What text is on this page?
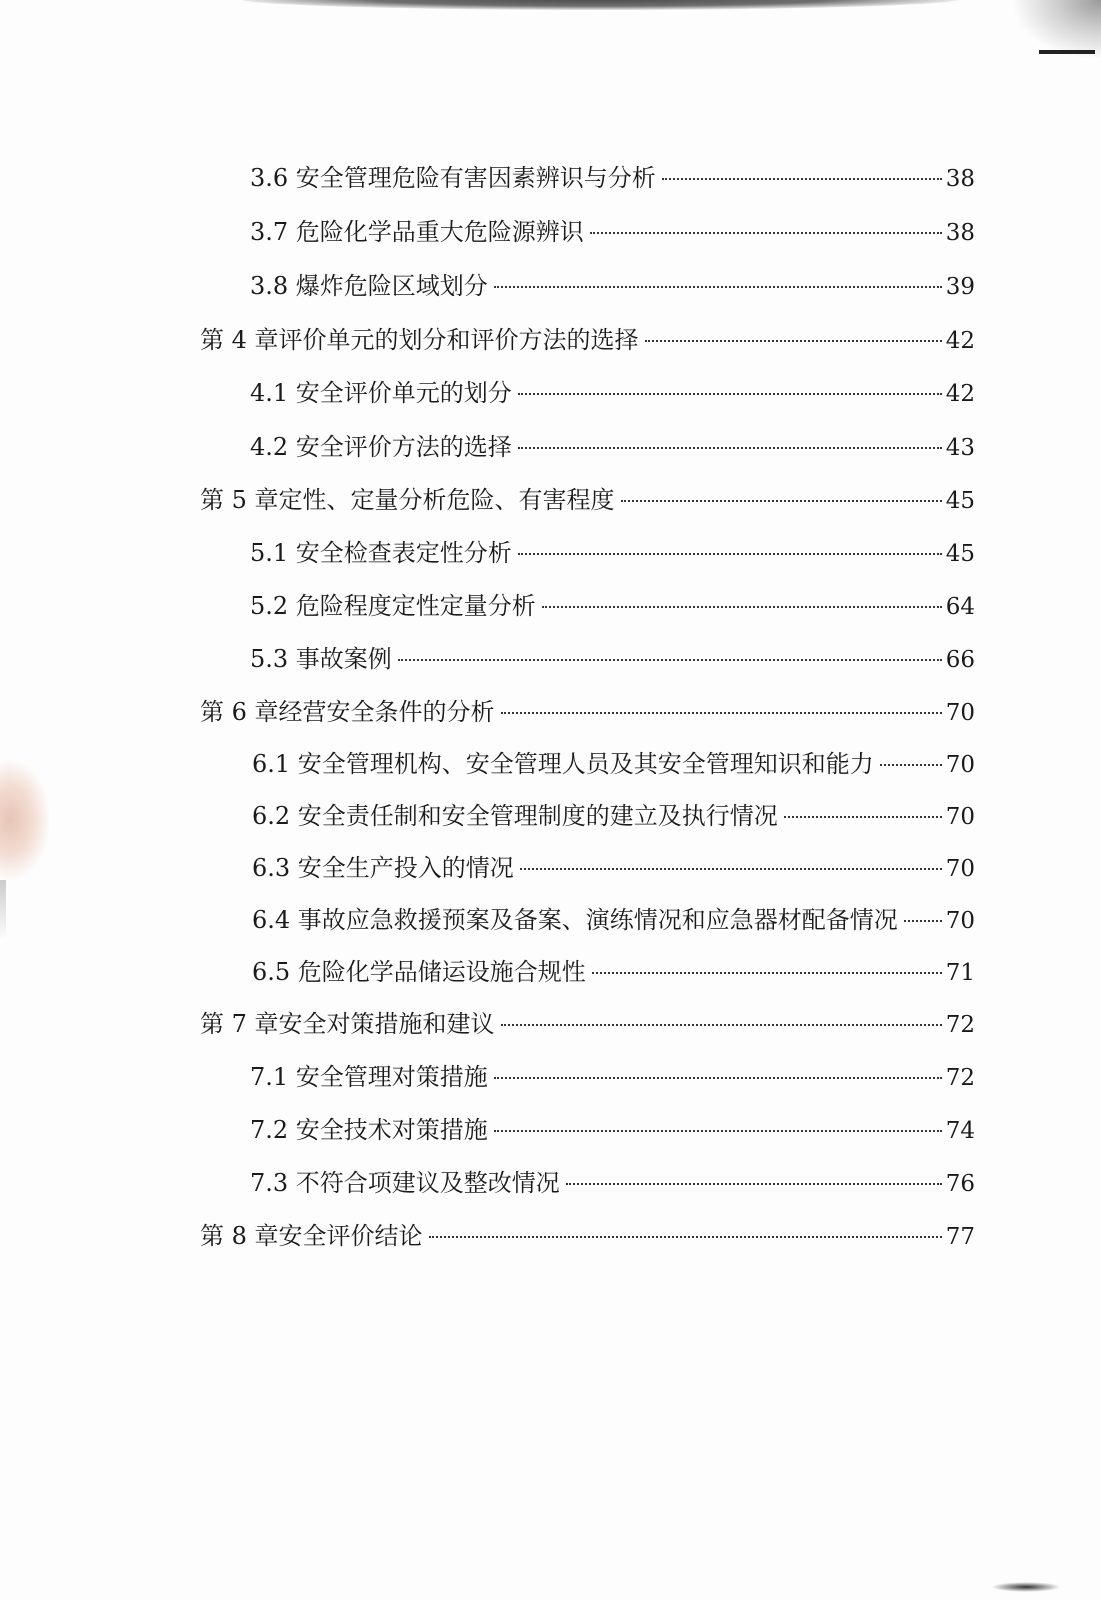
3.6 安全管理危险有害因素辨识与分析	38
3.7 危险化学品重大危险源辨识	38
3.8 爆炸危险区域划分	39
第 4 章评价单元的划分和评价方法的选择	42
4.1 安全评价单元的划分	42
4.2 安全评价方法的选择	43
第 5 章定性、定量分析危险、有害程度	45
5.1 安全检查表定性分析	45
5.2 危险程度定性定量分析	64
5.3 事故案例	66
第 6 章经营安全条件的分析	70
6.1 安全管理机构、安全管理人员及其安全管理知识和能力	70
6.2 安全责任制和安全管理制度的建立及执行情况	70
6.3 安全生产投入的情况	70
6.4 事故应急救援预案及备案、演练情况和应急器材配备情况 70
6.5 危险化学品储运设施合规性	71
第 7 章安全对策措施和建议	72
7.1 安全管理对策措施	72
7.2 安全技术对策措施	74
7.3 不符合项建议及整改情况	76
第 8 章安全评价结论	77
